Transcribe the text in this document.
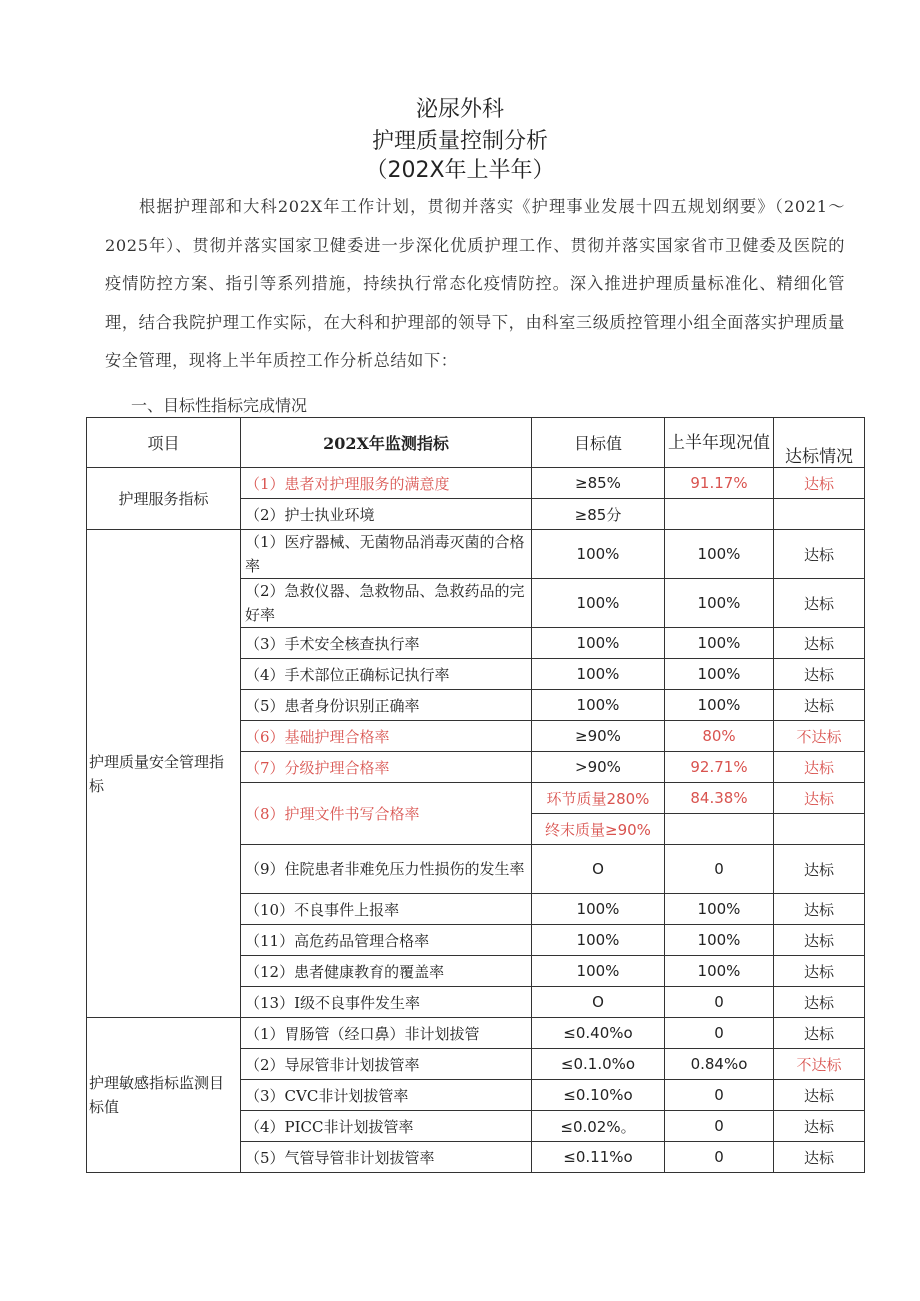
泌尿外科
护理质量控制分析
（202X年上半年）

根据护理部和大科202X年工作计划，贯彻并落实《护理事业发展十四五规划纲要》（2021～2025年）、贯彻并落实国家卫健委进一步深化优质护理工作、贯彻并落实国家省市卫健委及医院的疫情防控方案、指引等系列措施，持续执行常态化疫情防控。深入推进护理质量标准化、精细化管理，结合我院护理工作实际，在大科和护理部的领导下，由科室三级质控管理小组全面落实护理质量安全管理，现将上半年质控工作分析总结如下：

一、目标性指标完成情况
项目	202X年监测指标	目标值	上半年现况值	达标情况
护理服务指标	（1）患者对护理服务的满意度	≥85%	91.17%	达标
	（2）护士执业环境	≥85分		
护理质量安全管理指标	（1）医疗器械、无菌物品消毒灭菌的合格率	100%	100%	达标
	（2）急救仪器、急救物品、急救药品的完好率	100%	100%	达标
	（3）手术安全核查执行率	100%	100%	达标
	（4）手术部位正确标记执行率	100%	100%	达标
	（5）患者身份识别正确率	100%	100%	达标
	（6）基础护理合格率	≥90%	80%	不达标
	（7）分级护理合格率	>90%	92.71%	达标
	（8）护理文件书写合格率	环节质量280%	84.38%	达标
		终末质量≥90%		
	（9）住院患者非难免压力性损伤的发生率	O	0	达标
	（10）不良事件上报率	100%	100%	达标
	（11）高危药品管理合格率	100%	100%	达标
	（12）患者健康教育的覆盖率	100%	100%	达标
	（13）I级不良事件发生率	O	0	达标
护理敏感指标监测目标值	（1）胃肠管（经口鼻）非计划拔管	≤0.40%o	0	达标
	（2）导尿管非计划拔管率	≤0.1.0%o	0.84%o	不达标
	（3）CVC非计划拔管率	≤0.10%o	0	达标
	（4）PICC非计划拔管率	≤0.02%。	0	达标
	（5）气管导管非计划拔管率	≤0.11%o	0	达标
